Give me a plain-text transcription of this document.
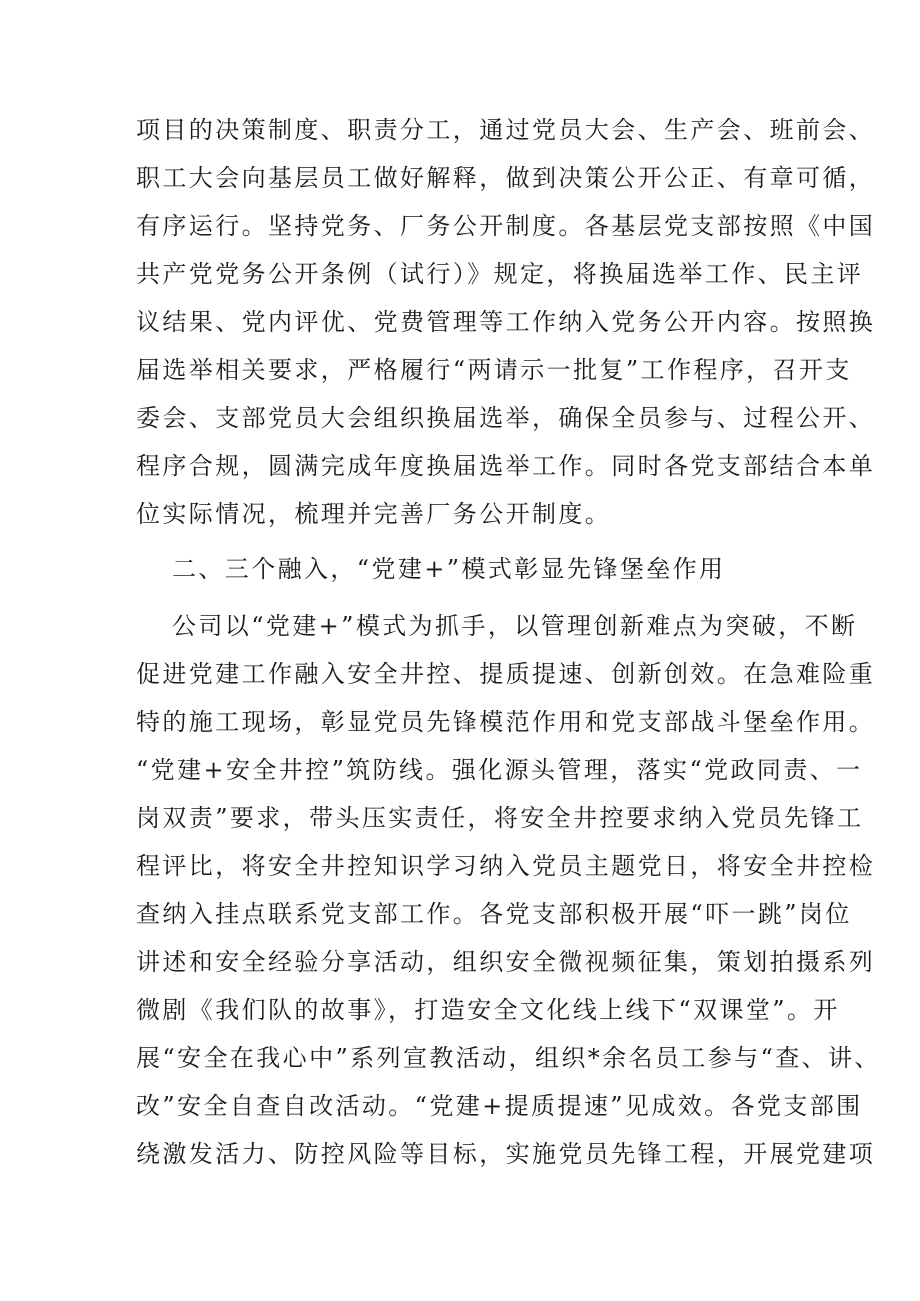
项目的决策制度、职责分工，通过党员大会、生产会、班前会、
职工大会向基层员工做好解释，做到决策公开公正、有章可循，
有序运行。坚持党务、厂务公开制度。各基层党支部按照《中国
共产党党务公开条例（试行）》规定，将换届选举工作、民主评
议结果、党内评优、党费管理等工作纳入党务公开内容。按照换
届选举相关要求，严格履行“两请示一批复”工作程序，召开支
委会、支部党员大会组织换届选举，确保全员参与、过程公开、
程序合规，圆满完成年度换届选举工作。同时各党支部结合本单
位实际情况，梳理并完善厂务公开制度。
二、三个融入，“党建+”模式彰显先锋堡垒作用
公司以“党建+”模式为抓手，以管理创新难点为突破，不断
促进党建工作融入安全井控、提质提速、创新创效。在急难险重
特的施工现场，彰显党员先锋模范作用和党支部战斗堡垒作用。
“党建+安全井控”筑防线。强化源头管理，落实“党政同责、一
岗双责”要求，带头压实责任，将安全井控要求纳入党员先锋工
程评比，将安全井控知识学习纳入党员主题党日，将安全井控检
查纳入挂点联系党支部工作。各党支部积极开展“吓一跳”岗位
讲述和安全经验分享活动，组织安全微视频征集，策划拍摄系列
微剧《我们队的故事》，打造安全文化线上线下“双课堂”。开
展“安全在我心中”系列宣教活动，组织*余名员工参与“查、讲、
改”安全自查自改活动。“党建+提质提速”见成效。各党支部围
绕激发活力、防控风险等目标，实施党员先锋工程，开展党建项
